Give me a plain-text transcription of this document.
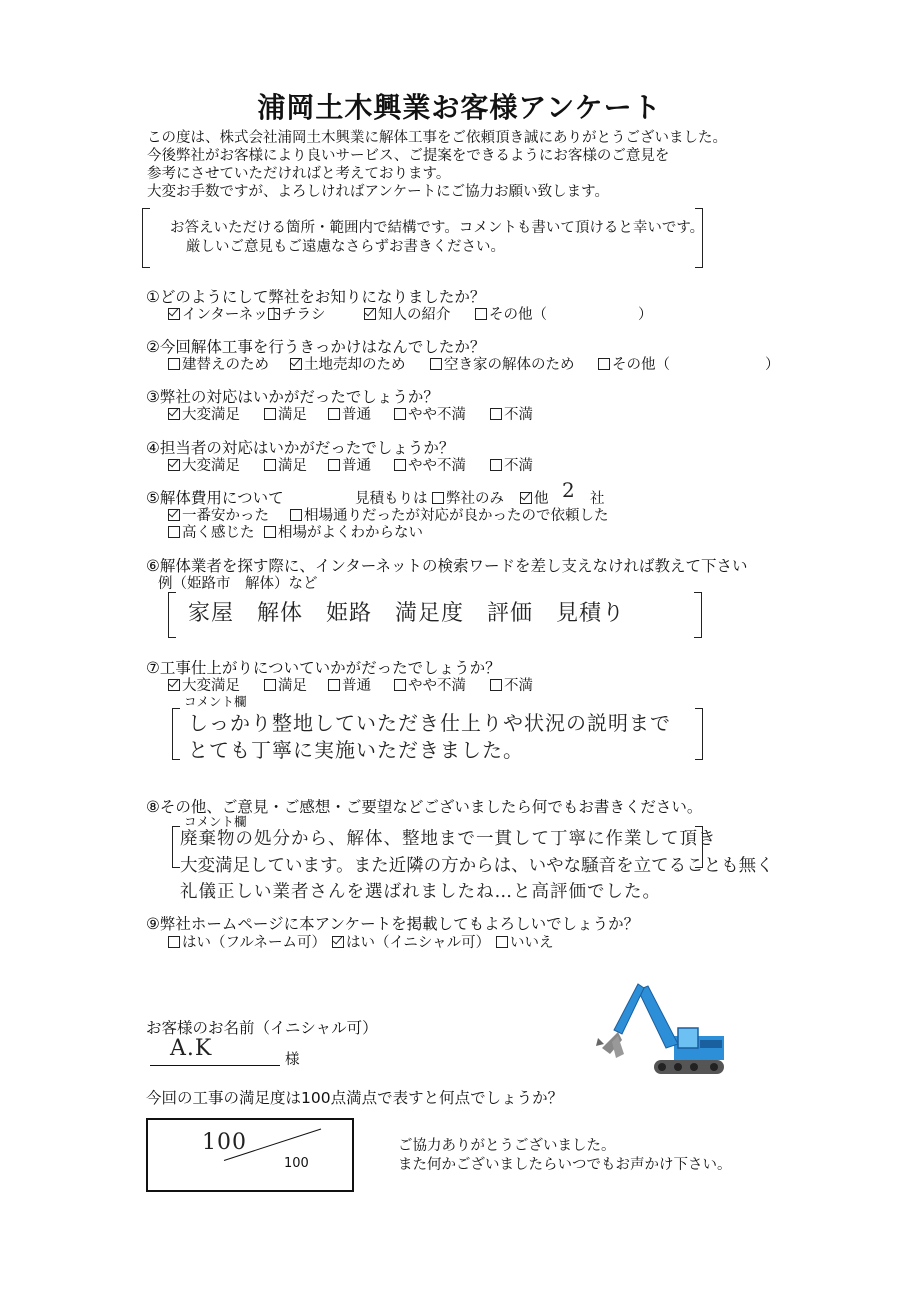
浦岡土木興業お客様アンケート
この度は、株式会社浦岡土木興業に解体工事をご依頼頂き誠にありがとうございました。
今後弊社がお客様により良いサービス、ご提案をできるようにお客様のご意見を
参考にさせていただければと考えております。
大変お手数ですが、よろしければアンケートにご協力お願い致します。
お答えいただける箇所・範囲内で結構です。コメントも書いて頂けると幸いです。
厳しいご意見もご遠慮なさらずお書きください。
①どのようにして弊社をお知りになりましたか？
インターネット チラシ	知人の紹介	その他（	）
②今回解体工事を行うきっかけはなんでしたか？
建替えのため	土地売却のため	空き家の解体のため	その他（	）
③弊社の対応はいかがだったでしょうか？
大変満足	満足	普通	やや不満	不満
④担当者の対応はいかがだったでしょうか？
大変満足	満足	普通	やや不満	不満
⑤解体費用について	見積もりは	弊社のみ	他 2 社
一番安かった	相場通りだったが対応が良かったので依頼した
高く感じた	相場がよくわからない
⑥解体業者を探す際に、インターネットの検索ワードを差し支えなければ教えて下さい
例（姫路市　解体）など
家屋　解体　姫路　満足度　評価　見積り
⑦工事仕上がりについていかがだったでしょうか？
大変満足	満足	普通	やや不満	不満
コメント欄
しっかり整地していただき仕上りや状況の説明まで
とても丁寧に実施いただきました。
⑧その他、ご意見・ご感想・ご要望などございましたら何でもお書きください。
コメント欄
廃棄物の処分から、解体、整地まで一貫して丁寧に作業して頂き
大変満足しています。また近隣の方からは、いやな騒音を立てることも無く
礼儀正しい業者さんを選ばれましたね…と高評価でした。
⑨弊社ホームページに本アンケートを掲載してもよろしいでしょうか？
はい（フルネーム可）	はい（イニシャル可）	いいえ
お客様のお名前（イニシャル可）
A.K	様
今回の工事の満足度は100点満点で表すと何点でしょうか？
100
100
ご協力ありがとうございました。
また何かございましたらいつでもお声かけ下さい。
